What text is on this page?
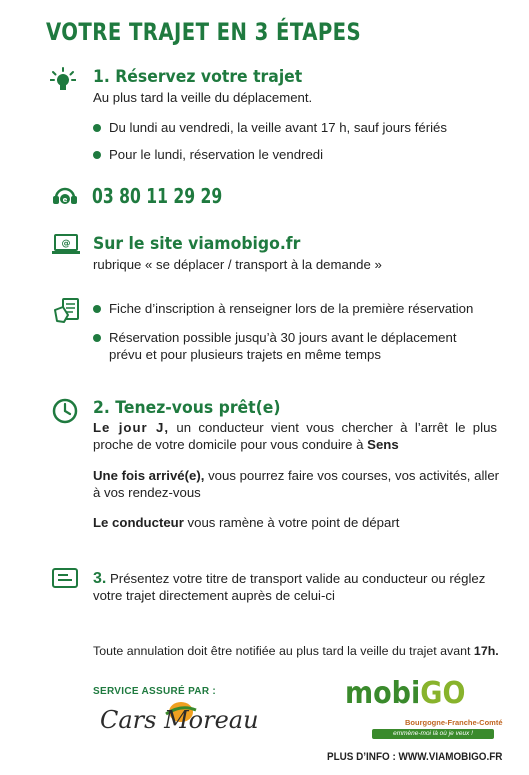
VOTRE TRAJET EN 3 ÉTAPES
1. Réservez votre trajet
Au plus tard la veille du déplacement.
Du lundi au vendredi, la veille avant 17 h, sauf jours fériés
Pour le lundi, réservation le vendredi
e 03 80 11 29 29
@ Sur le site viamobigo.fr
rubrique « se déplacer / transport à la demande »
Fiche d’inscription à renseigner lors de la première réservation
Réservation possible jusqu’à 30 jours avant le déplacement prévu et pour plusieurs trajets en même temps
2. Tenez-vous prêt(e)
Le jour J, un conducteur vient vous chercher à l’arrêt le plus proche de votre domicile pour vous conduire à Sens
Une fois arrivé(e), vous pourrez faire vos courses, vos activités, aller à vos rendez-vous
Le conducteur vous ramène à votre point de départ
3. Présentez votre titre de transport valide au conducteur ou réglez votre trajet directement auprès de celui-ci
Toute annulation doit être notifiée au plus tard la veille du trajet avant 17h.
SERVICE ASSURÉ PAR :
Cars Moreau
mobiGO
Bourgogne-Franche-Comté
emmène-moi là où je veux !
PLUS D’INFO : WWW.VIAMOBIGO.FR
